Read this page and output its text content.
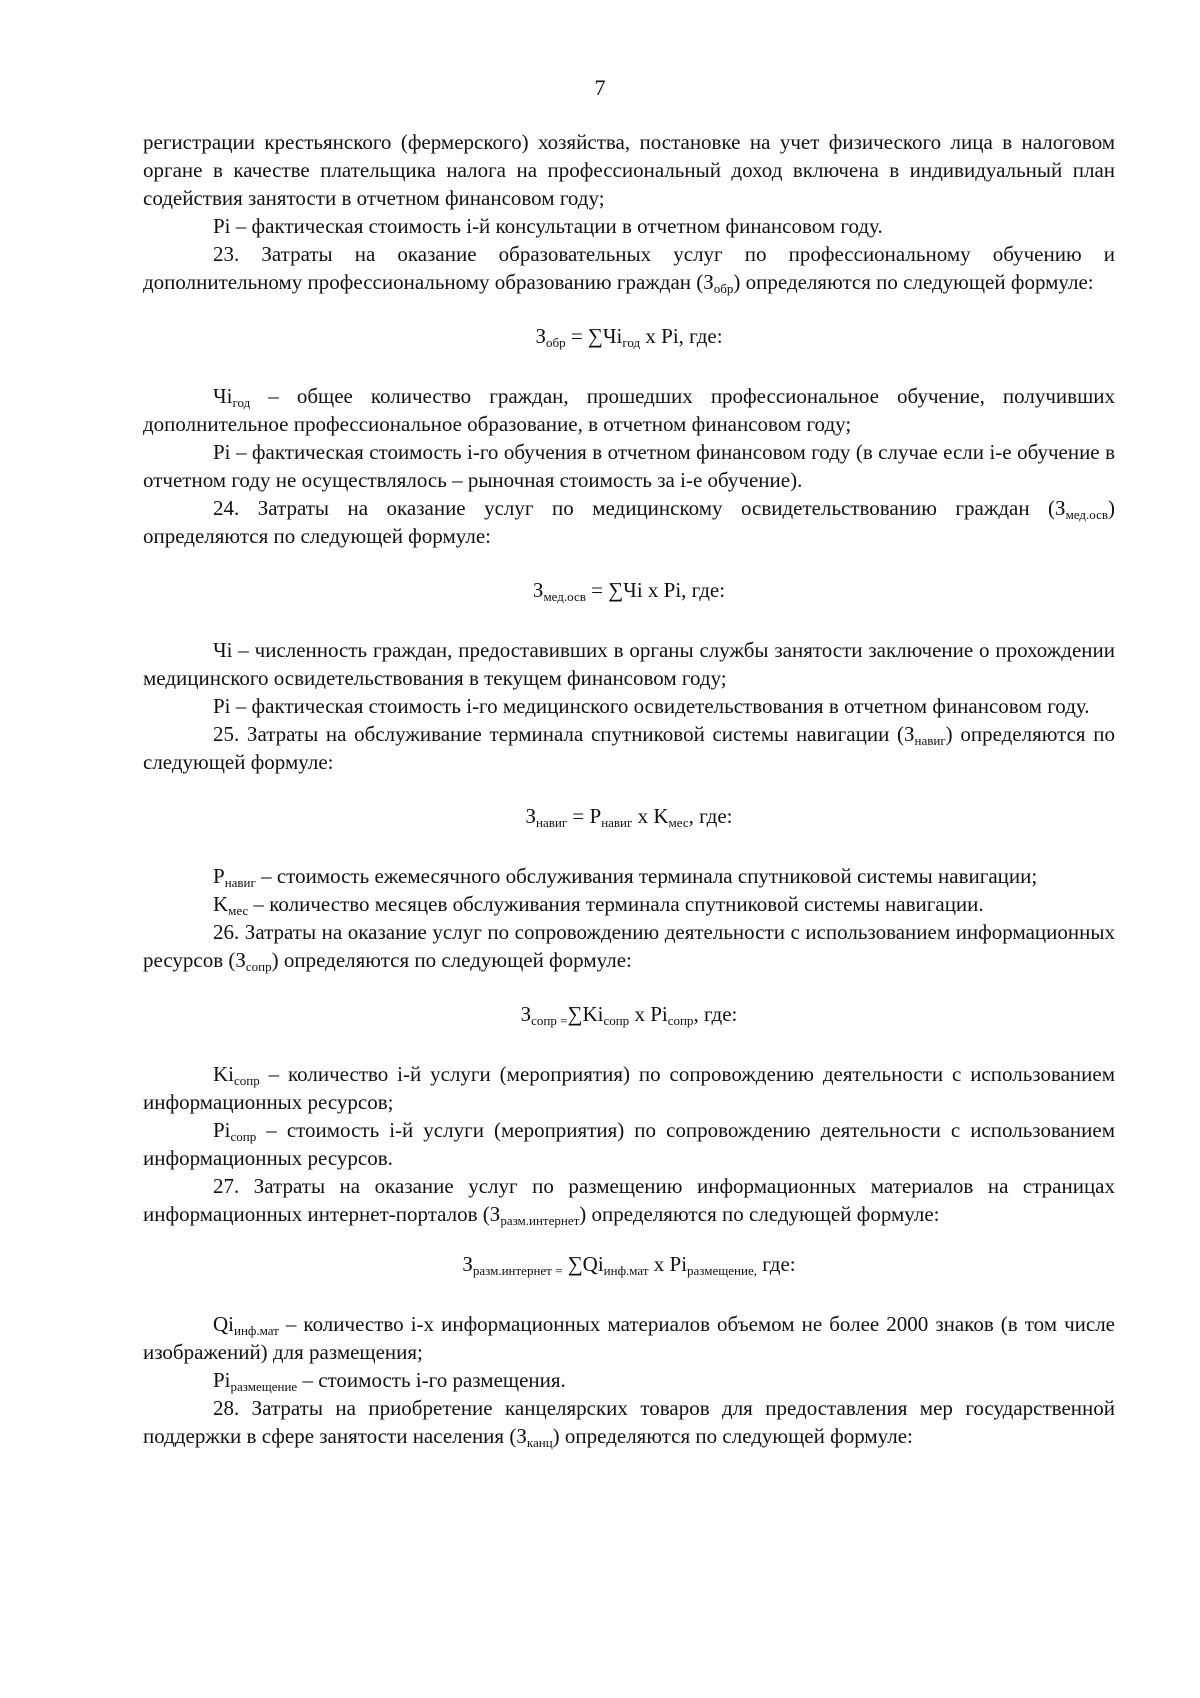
7

регистрации крестьянского (фермерского) хозяйства, постановке на учет физического лица в налоговом органе в качестве плательщика налога на профессиональный доход включена в индивидуальный план содействия занятости в отчетном финансовом году;

Pi – фактическая стоимость i-й консультации в отчетном финансовом году.

23. Затраты на оказание образовательных услуг по профессиональному обучению и дополнительному профессиональному образованию граждан $(З_{обр})$ определяются по следующей формуле:

$З_{обр} = \sum Чi_{год}$ x Pi, где:

$Чi_{год}$ – общее количество граждан, прошедших профессиональное обучение, получивших дополнительное профессиональное образование, в отчетном финансовом году;

Pi – фактическая стоимость i-го обучения в отчетном финансовом году (в случае если i-е обучение в отчетном году не осуществлялось – рыночная стоимость за i-е обучение).

24. Затраты на оказание услуг по медицинскому освидетельствованию граждан $(З_{мед.осв})$ определяются по следующей формуле:

$З_{мед.осв} = \sum Чi$ x Pi, где:

Чi – численность граждан, предоставивших в органы службы занятости заключение о прохождении медицинского освидетельствования в текущем финансовом году;

Pi – фактическая стоимость i-го медицинского освидетельствования в отчетном финансовом году.

25. Затраты на обслуживание терминала спутниковой системы навигации $(З_{навиг})$ определяются по следующей формуле:

$З_{навиг} = P_{навиг}$ x $K_{мес}$, где:

$P_{навиг}$ – стоимость ежемесячного обслуживания терминала спутниковой системы навигации;

$K_{мес}$ – количество месяцев обслуживания терминала спутниковой системы навигации.

26. Затраты на оказание услуг по сопровождению деятельности с использованием информационных ресурсов $(З_{сопр})$ определяются по следующей формуле:

$З_{сопр =}\sum Ki_{сопр}$ x $Pi_{сопр}$, где:

$Ki_{сопр}$ – количество i-й услуги (мероприятия) по сопровождению деятельности с использованием информационных ресурсов;

$Pi_{сопр}$ – стоимость i-й услуги (мероприятия) по сопровождению деятельности с использованием информационных ресурсов.

27. Затраты на оказание услуг по размещению информационных материалов на страницах информационных интернет-порталов $(З_{разм.интернет})$ определяются по следующей формуле:

$З_{разм.интернет =}$ $\sum Qi_{инф.мат}$ x $Pi_{размещение,}$ где:

$Qi_{инф.мат}$ – количество i-х информационных материалов объемом не более 2000 знаков (в том числе изображений) для размещения;

$Pi_{размещение}$ – стоимость i-го размещения.

28. Затраты на приобретение канцелярских товаров для предоставления мер государственной поддержки в сфере занятости населения $(З_{канц})$ определяются по следующей формуле:
